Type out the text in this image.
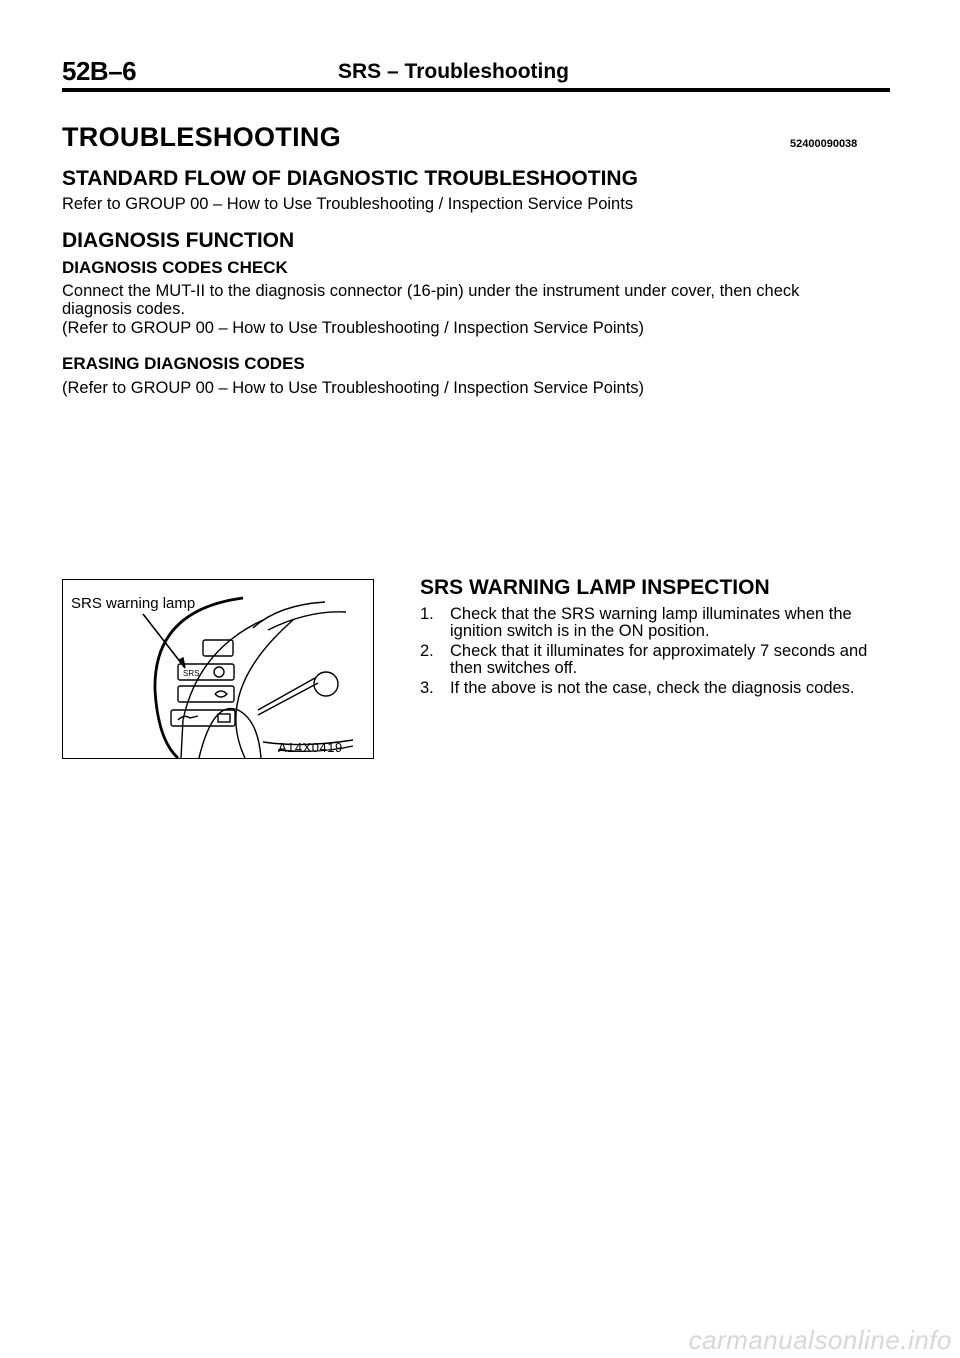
52B–6	SRS – Troubleshooting
TROUBLESHOOTING	52400090038
STANDARD FLOW OF DIAGNOSTIC TROUBLESHOOTING
Refer to GROUP 00 – How to Use Troubleshooting / Inspection Service Points
DIAGNOSIS FUNCTION
DIAGNOSIS CODES CHECK
Connect the MUT-II to the diagnosis connector (16-pin) under the instrument under cover, then check
diagnosis codes.
(Refer to GROUP 00 – How to Use Troubleshooting / Inspection Service Points)
ERASING DIAGNOSIS CODES
(Refer to GROUP 00 – How to Use Troubleshooting / Inspection Service Points)
SRS
SRS warning lamp
A14X0419
SRS WARNING LAMP INSPECTION
1. Check that the SRS warning lamp illuminates when the
ignition switch is in the ON position.
2. Check that it illuminates for approximately 7 seconds and
then switches off.
3. If the above is not the case, check the diagnosis codes.
carmanualsonline.info
